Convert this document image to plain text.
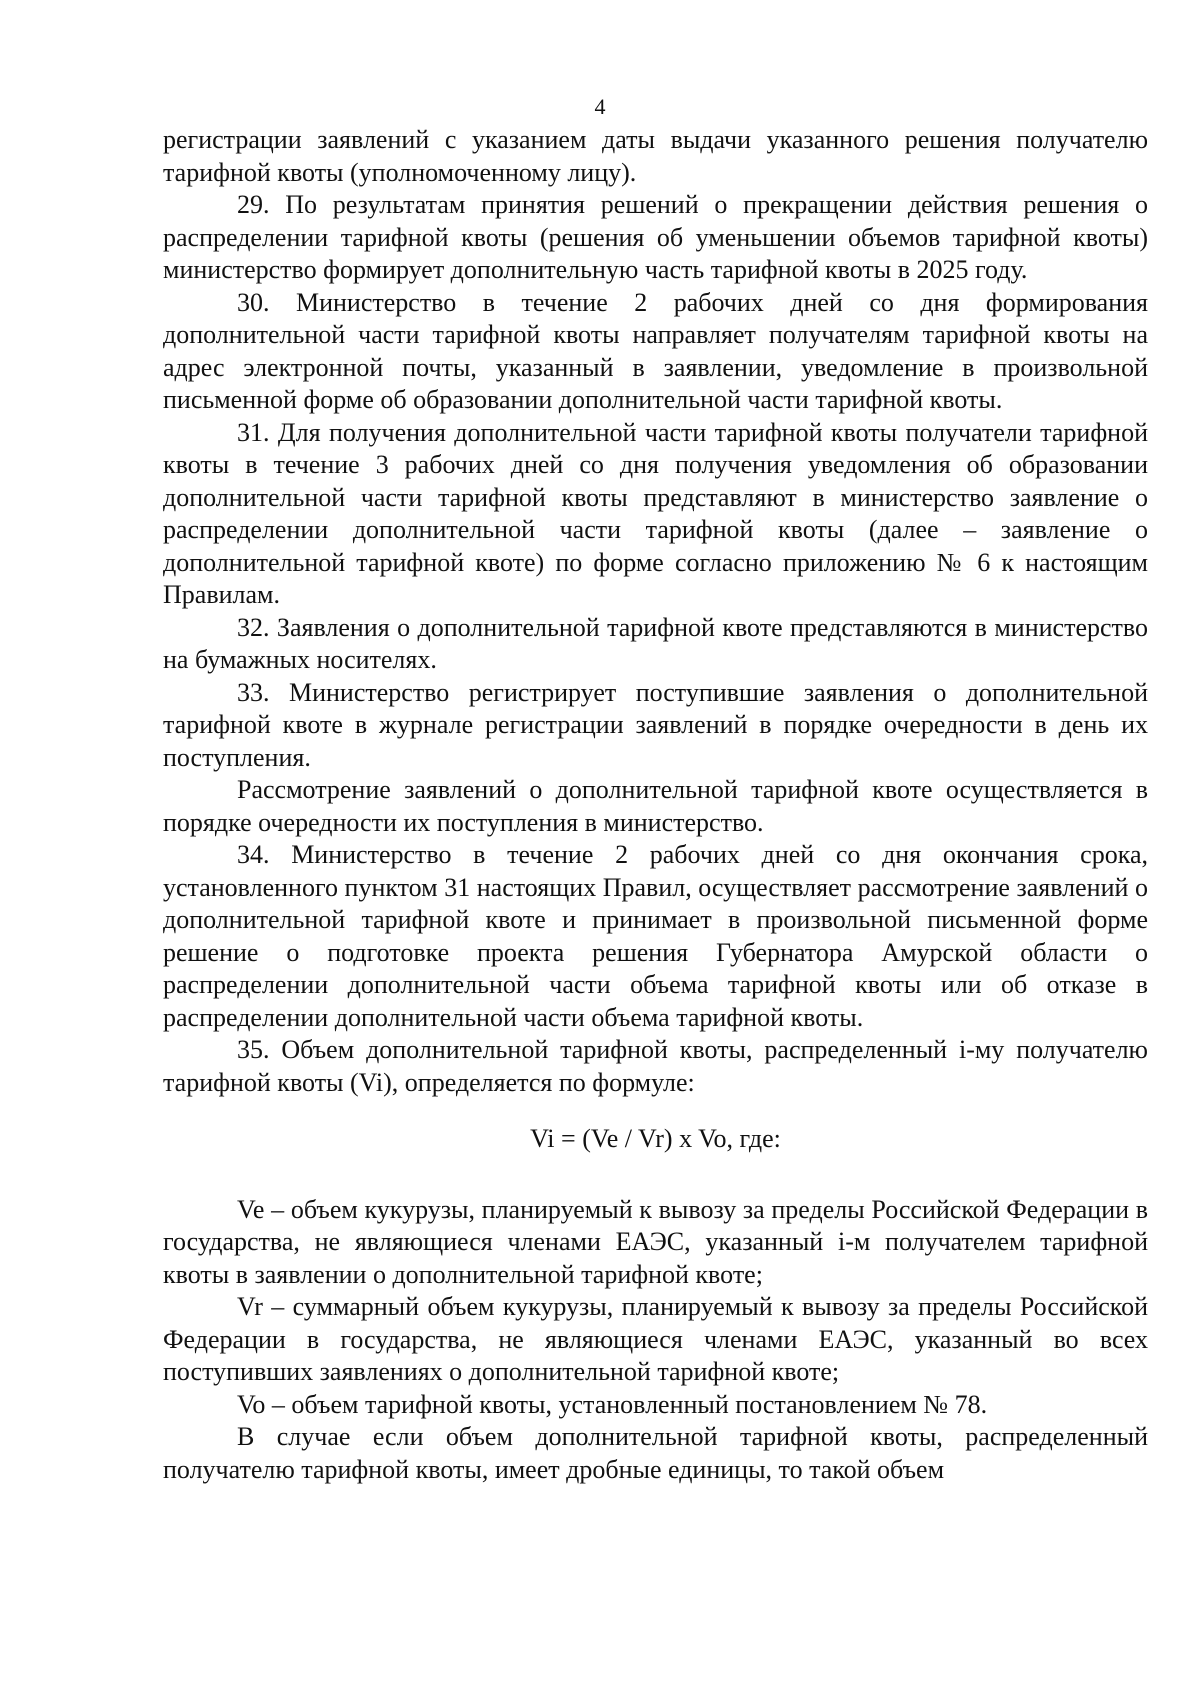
4

регистрации заявлений с указанием даты выдачи указанного решения получателю тарифной квоты (уполномоченному лицу).

29. По результатам принятия решений о прекращении действия решения о распределении тарифной квоты (решения об уменьшении объемов тарифной квоты) министерство формирует дополнительную часть тарифной квоты в 2025 году.

30. Министерство в течение 2 рабочих дней со дня формирования дополнительной части тарифной квоты направляет получателям тарифной квоты на адрес электронной почты, указанный в заявлении, уведомление в произвольной письменной форме об образовании дополнительной части тарифной квоты.

31. Для получения дополнительной части тарифной квоты получатели тарифной квоты в течение 3 рабочих дней со дня получения уведомления об образовании дополнительной части тарифной квоты представляют в министерство заявление о распределении дополнительной части тарифной квоты (далее – заявление о дополнительной тарифной квоте) по форме согласно приложению № 6 к настоящим Правилам.

32. Заявления о дополнительной тарифной квоте представляются в министерство на бумажных носителях.

33. Министерство регистрирует поступившие заявления о дополнительной тарифной квоте в журнале регистрации заявлений в порядке очередности в день их поступления.

Рассмотрение заявлений о дополнительной тарифной квоте осуществляется в порядке очередности их поступления в министерство.

34. Министерство в течение 2 рабочих дней со дня окончания срока, установленного пунктом 31 настоящих Правил, осуществляет рассмотрение заявлений о дополнительной тарифной квоте и принимает в произвольной письменной форме решение о подготовке проекта решения Губернатора Амурской области о распределении дополнительной части объема тарифной квоты или об отказе в распределении дополнительной части объема тарифной квоты.

35. Объем дополнительной тарифной квоты, распределенный i-му получателю тарифной квоты (Vi), определяется по формуле:

Vi = (Ve / Vr) x Vo, где:

Ve – объем кукурузы, планируемый к вывозу за пределы Российской Федерации в государства, не являющиеся членами ЕАЭС, указанный i-м получателем тарифной квоты в заявлении о дополнительной тарифной квоте;

Vr – суммарный объем кукурузы, планируемый к вывозу за пределы Российской Федерации в государства, не являющиеся членами ЕАЭС, указанный во всех поступивших заявлениях о дополнительной тарифной квоте;

Vo – объем тарифной квоты, установленный постановлением № 78.

В случае если объем дополнительной тарифной квоты, распределенный получателю тарифной квоты, имеет дробные единицы, то такой объем
